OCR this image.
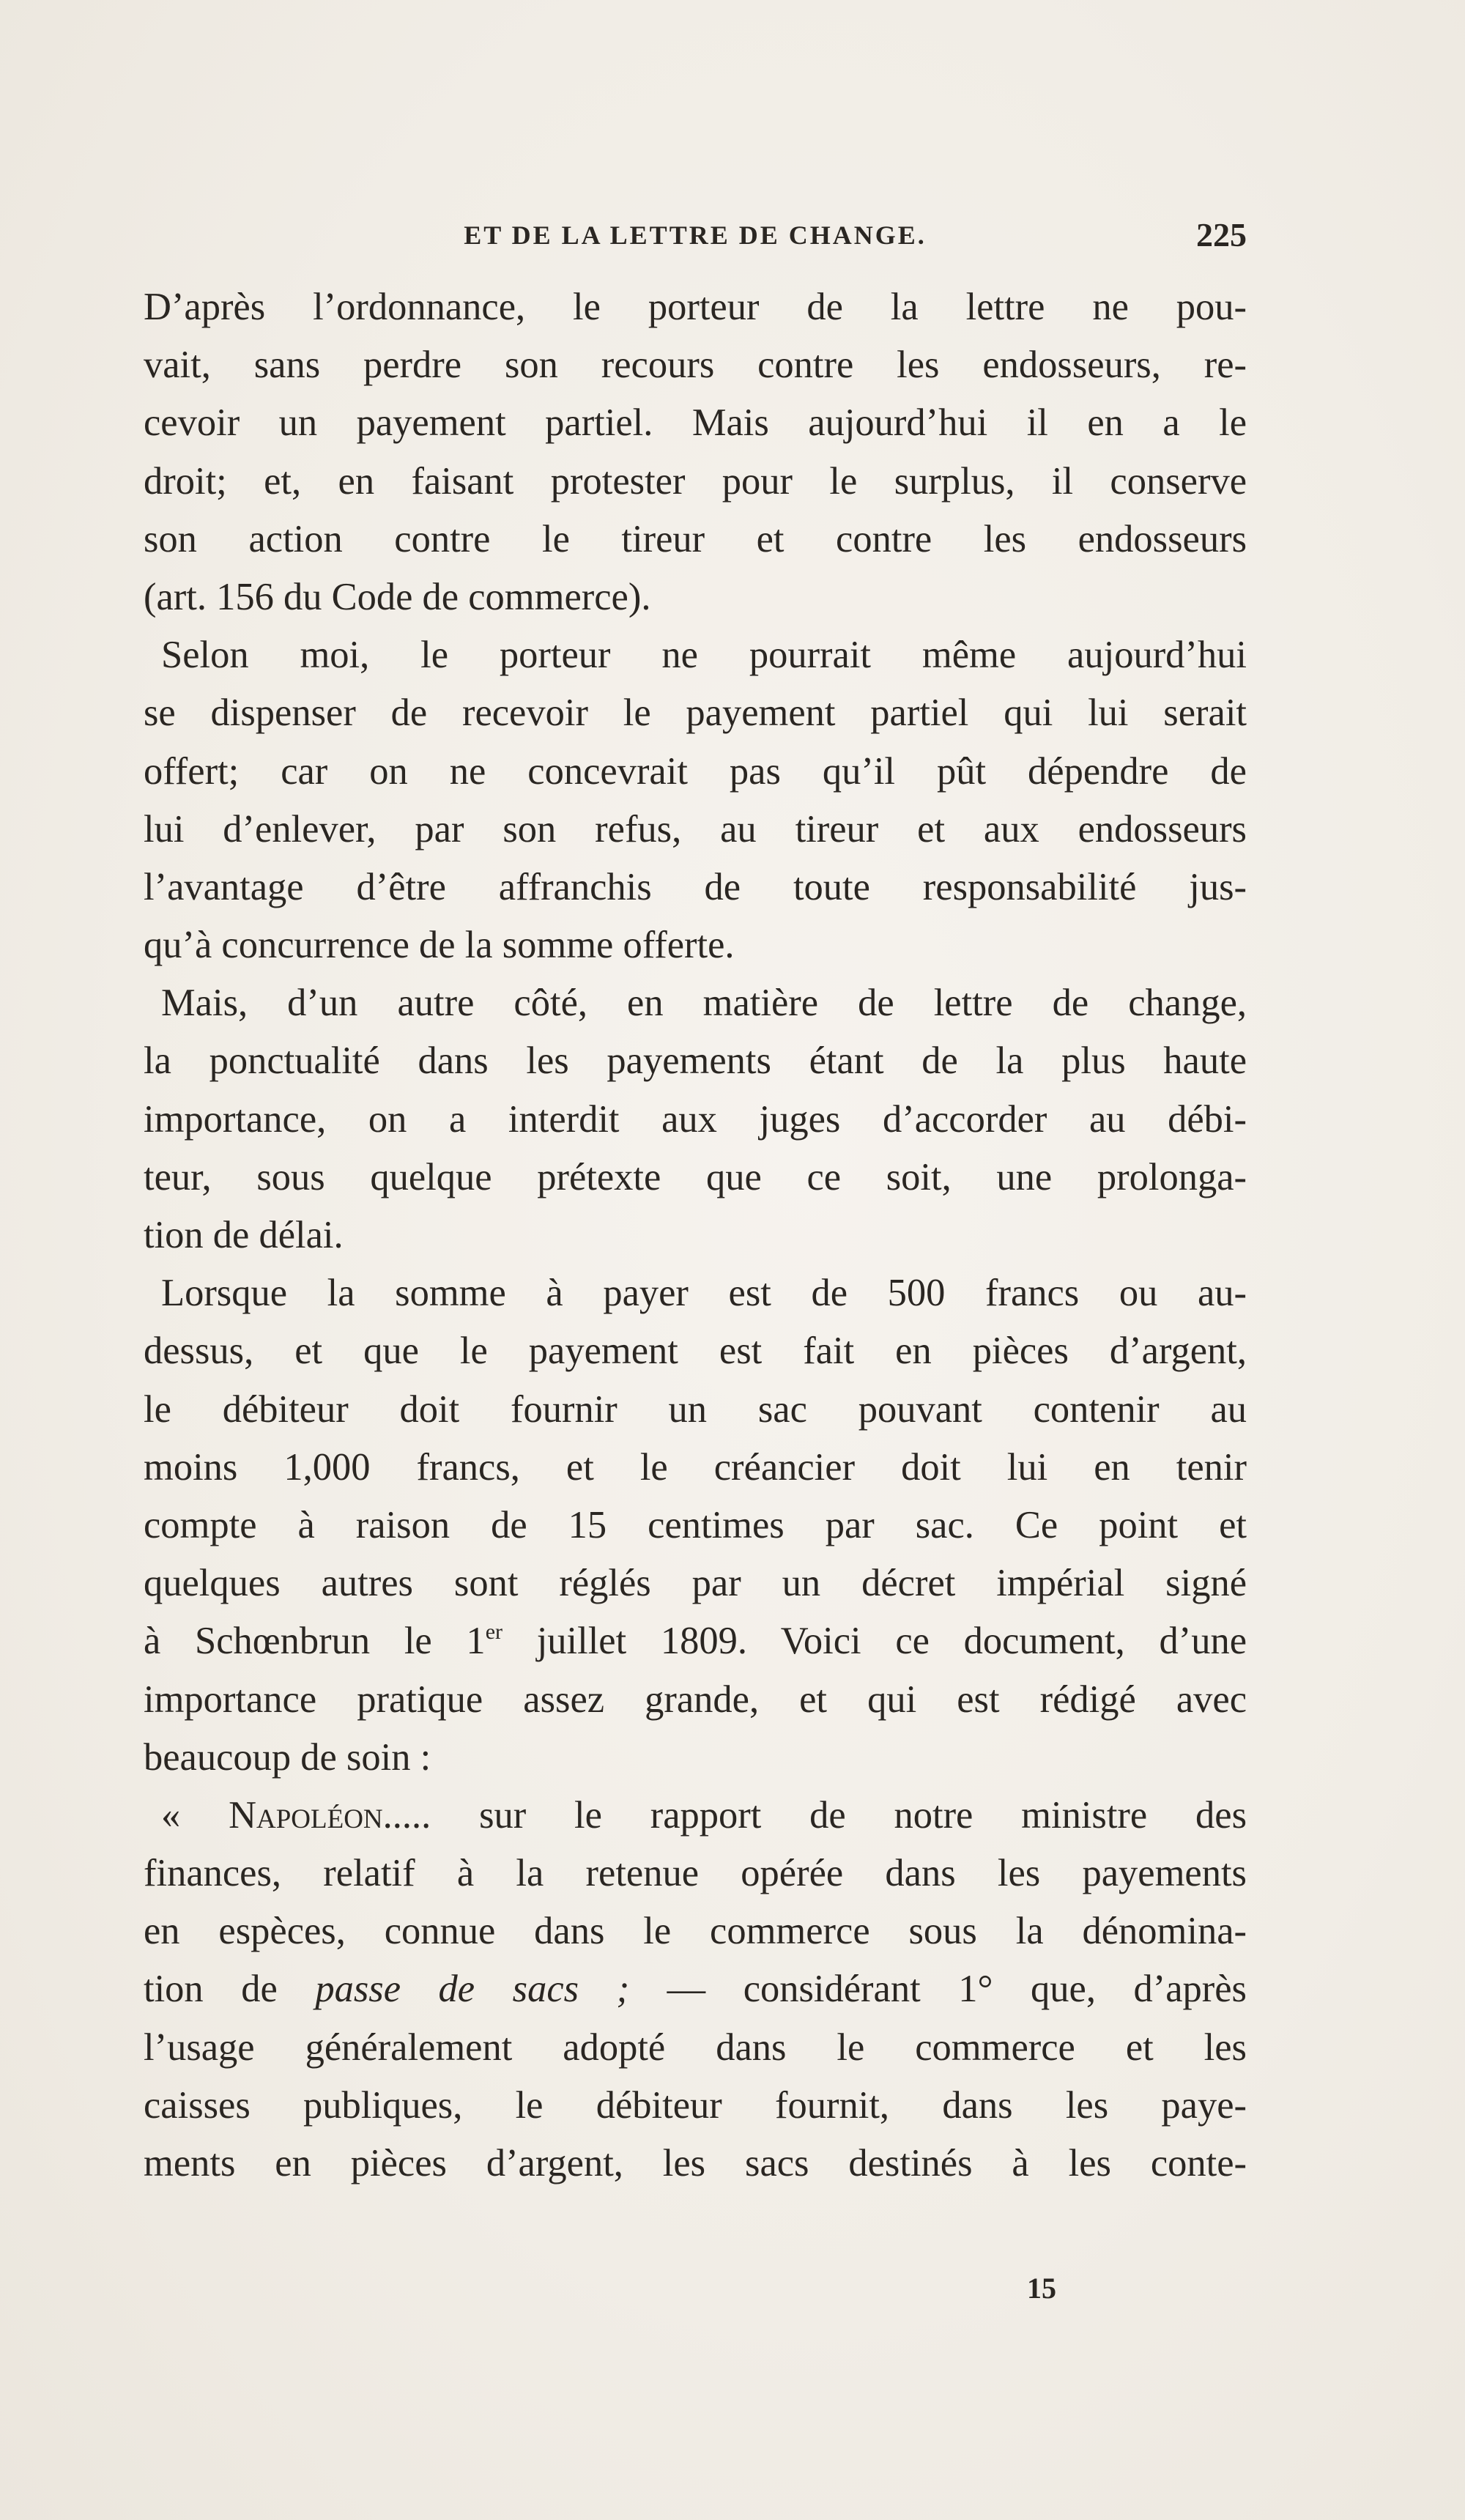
ET DE LA LETTRE DE CHANGE.	225
D’après l’ordonnance, le porteur de la lettre ne pou-
vait, sans perdre son recours contre les endosseurs, re-
cevoir un payement partiel. Mais aujourd’hui il en a le
droit; et, en faisant protester pour le surplus, il conserve
son action contre le tireur et contre les endosseurs
(art. 156 du Code de commerce).
Selon moi, le porteur ne pourrait même aujourd’hui
se dispenser de recevoir le payement partiel qui lui serait
offert; car on ne concevrait pas qu’il pût dépendre de
lui d’enlever, par son refus, au tireur et aux endosseurs
l’avantage d’être affranchis de toute responsabilité jus-
qu’à concurrence de la somme offerte.
Mais, d’un autre côté, en matière de lettre de change,
la ponctualité dans les payements étant de la plus haute
importance, on a interdit aux juges d’accorder au débi-
teur, sous quelque prétexte que ce soit, une prolonga-
tion de délai.
Lorsque la somme à payer est de 500 francs ou au-
dessus, et que le payement est fait en pièces d’argent,
le débiteur doit fournir un sac pouvant contenir au
moins 1,000 francs, et le créancier doit lui en tenir
compte à raison de 15 centimes par sac. Ce point et
quelques autres sont réglés par un décret impérial signé
à Schœnbrun le 1er juillet 1809. Voici ce document, d’une
importance pratique assez grande, et qui est rédigé avec
beaucoup de soin :
« Napoléon..... sur le rapport de notre ministre des
finances, relatif à la retenue opérée dans les payements
en espèces, connue dans le commerce sous la dénomina-
tion de passe de sacs ; — considérant 1° que, d’après
l’usage généralement adopté dans le commerce et les
caisses publiques, le débiteur fournit, dans les paye-
ments en pièces d’argent, les sacs destinés à les conte-
15
